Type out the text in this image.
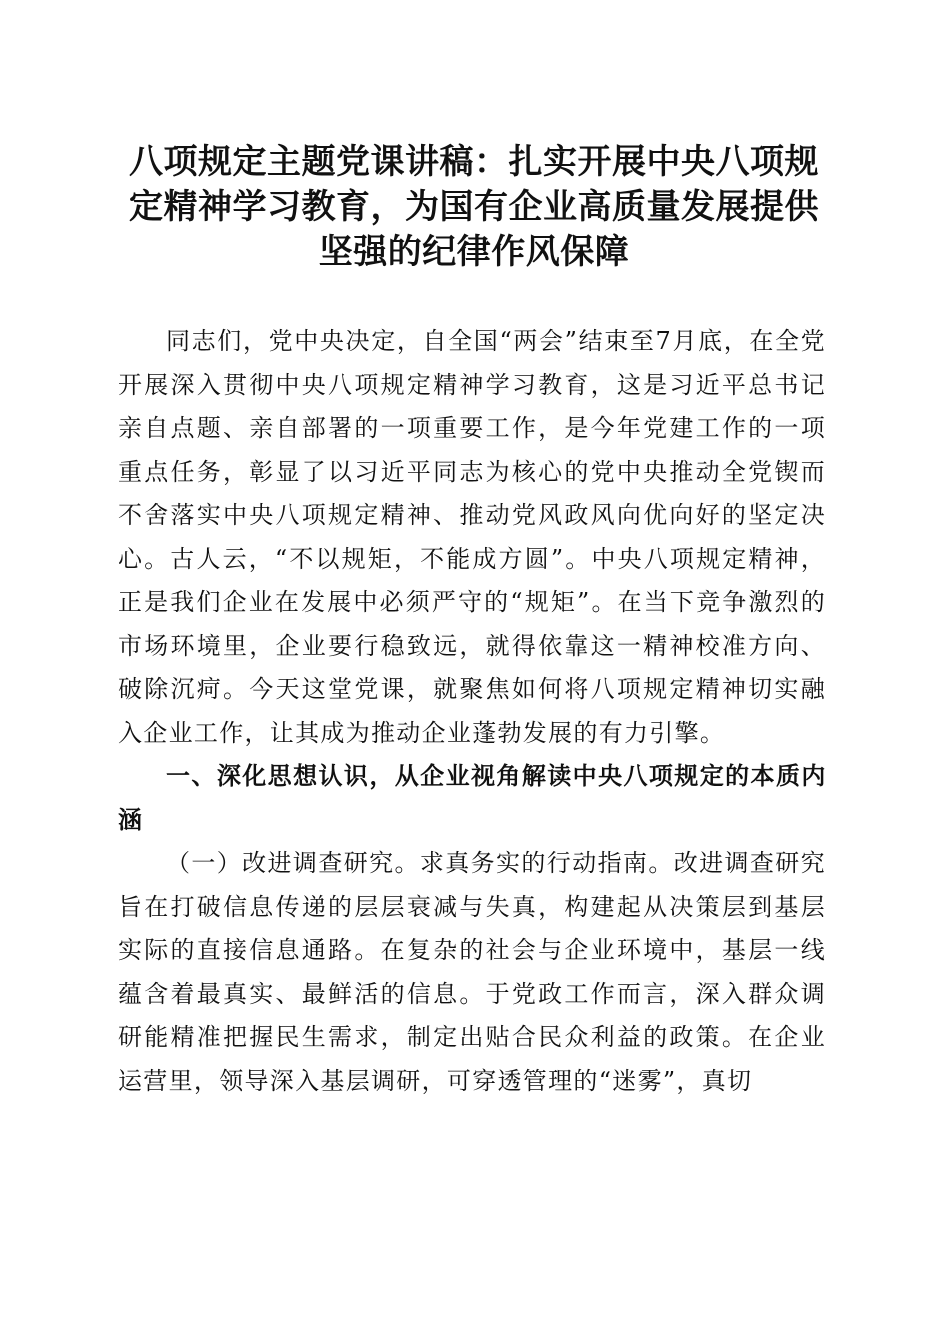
八项规定主题党课讲稿：扎实开展中央八项规定精神学习教育，为国有企业高质量发展提供坚强的纪律作风保障

同志们，党中央决定，自全国“两会”结束至7月底，在全党开展深入贯彻中央八项规定精神学习教育，这是习近平总书记亲自点题、亲自部署的一项重要工作，是今年党建工作的一项重点任务，彰显了以习近平同志为核心的党中央推动全党锲而不舍落实中央八项规定精神、推动党风政风向优向好的坚定决心。古人云，“不以规矩，不能成方圆”。中央八项规定精神，正是我们企业在发展中必须严守的“规矩”。在当下竞争激烈的市场环境里，企业要行稳致远，就得依靠这一精神校准方向、破除沉疴。今天这堂党课，就聚焦如何将八项规定精神切实融入企业工作，让其成为推动企业蓬勃发展的有力引擎。

一、深化思想认识，从企业视角解读中央八项规定的本质内涵

（一）改进调查研究。求真务实的行动指南。改进调查研究旨在打破信息传递的层层衰减与失真，构建起从决策层到基层实际的直接信息通路。在复杂的社会与企业环境中，基层一线蕴含着最真实、最鲜活的信息。于党政工作而言，深入群众调研能精准把握民生需求，制定出贴合民众利益的政策。在企业运营里，领导深入基层调研，可穿透管理的“迷雾”，真切
